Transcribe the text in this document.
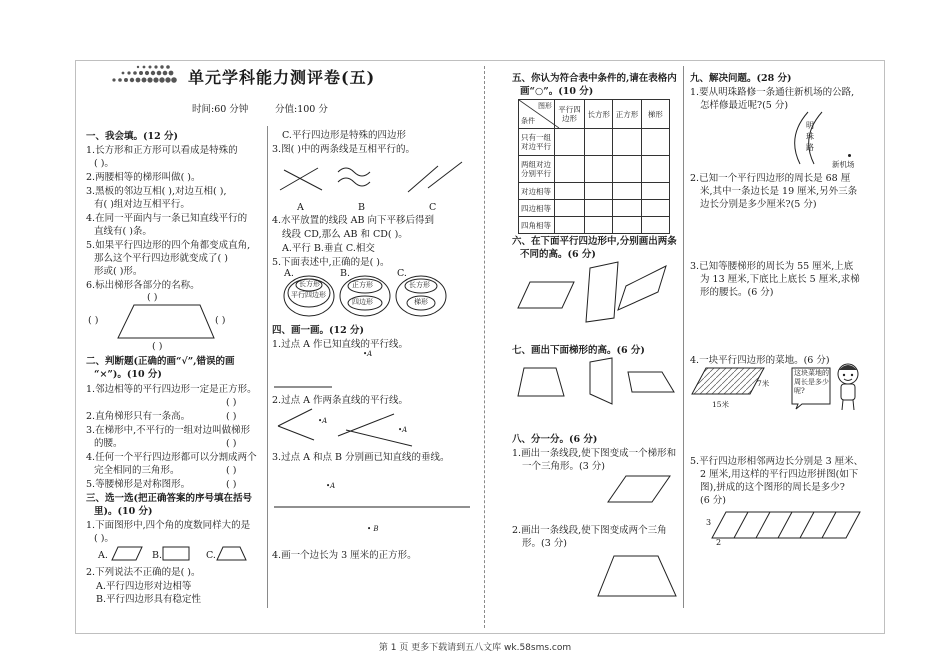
单元学科能力测评卷(五)
时间:60 分钟	分值:100 分
一、我会填。(12 分)
1.长方形和正方形可以看成是特殊的
( )。
2.两腰相等的梯形叫做( )。
3.黑板的邻边互相( ),对边互相( ),
有( )组对边互相平行。
4.在同一平面内与一条已知直线平行的
直线有( )条。
5.如果平行四边形的四个角都变成直角,
那么这个平行四边形就变成了( )
形或( )形。
6.标出梯形各部分的名称。
( )
( )	( )
( )
二、判断题(正确的画“√”,错误的画
“×”)。(10 分)
1.邻边相等的平行四边形一定是正方形。
( )
2.直角梯形只有一条高。	( )
3.在梯形中,不平行的一组对边叫做梯形
的腰。	( )
4.任何一个平行四边形都可以分割成两个
完全相同的三角形。	( )
5.等腰梯形是对称图形。	( )
三、选一选(把正确答案的序号填在括号
里)。(10 分)
1.下面图形中,四个角的度数同样大的是
( )。
A.	B.	C.
2.下列说法不正确的是( )。
A.平行四边形对边相等
B.平行四边形具有稳定性
C.平行四边形是特殊的四边形
3.图( )中的两条线是互相平行的。
A	B	C
4.水平放置的线段 AB 向下平移后得到
线段 CD,那么 AB 和 CD( )。
A.平行 B.垂直 C.相交
5.下面表述中,正确的是( )。
A.	B.	C.
长方形
平行四边形
正方形
四边形
长方形
梯形
四、画一画。(12 分)
1.过点 A 作已知直线的平行线。
•A
2.过点 A 作两条直线的平行线。
•A
•A
3.过点 A 和点 B 分别画已知直线的垂线。
•A
• B
4.画一个边长为 3 厘米的正方形。
五、你认为符合表中条件的,请在表格内
画“○”。(10 分)
图形
条件	平行四边形	长方形	正方形	梯形
只有一组对边平行				
两组对边分别平行				
对边相等				
四边相等				
四角相等				
六、在下面平行四边形中,分别画出两条
不同的高。(6 分)
七、画出下面梯形的高。(6 分)
八、分一分。(6 分)
1.画出一条线段,使下图变成一个梯形和
一个三角形。(3 分)
2.画出一条线段,使下图变成两个三角
形。(3 分)
九、解决问题。(28 分)
1.要从明珠路修一条通往新机场的公路,
怎样修最近呢?(5 分)
明珠路
新机场
2.已知一个平行四边形的周长是 68 厘
米,其中一条边长是 19 厘米,另外三条
边长分别是多少厘米?(5 分)
3.已知等腰梯形的周长为 55 厘米,上底
为 13 厘米,下底比上底长 5 厘米,求梯
形的腰长。(6 分)
4.一块平行四边形的菜地。(6 分)
7米
15米
这块菜地的周长是多少呢?
5.平行四边形相邻两边长分别是 3 厘米、
2 厘米,用这样的平行四边形拼图(如下
图),拼成的这个图形的周长是多少?
(6 分)
3
2
第 1 页 更多下载请到五八文库 wk.58sms.com
